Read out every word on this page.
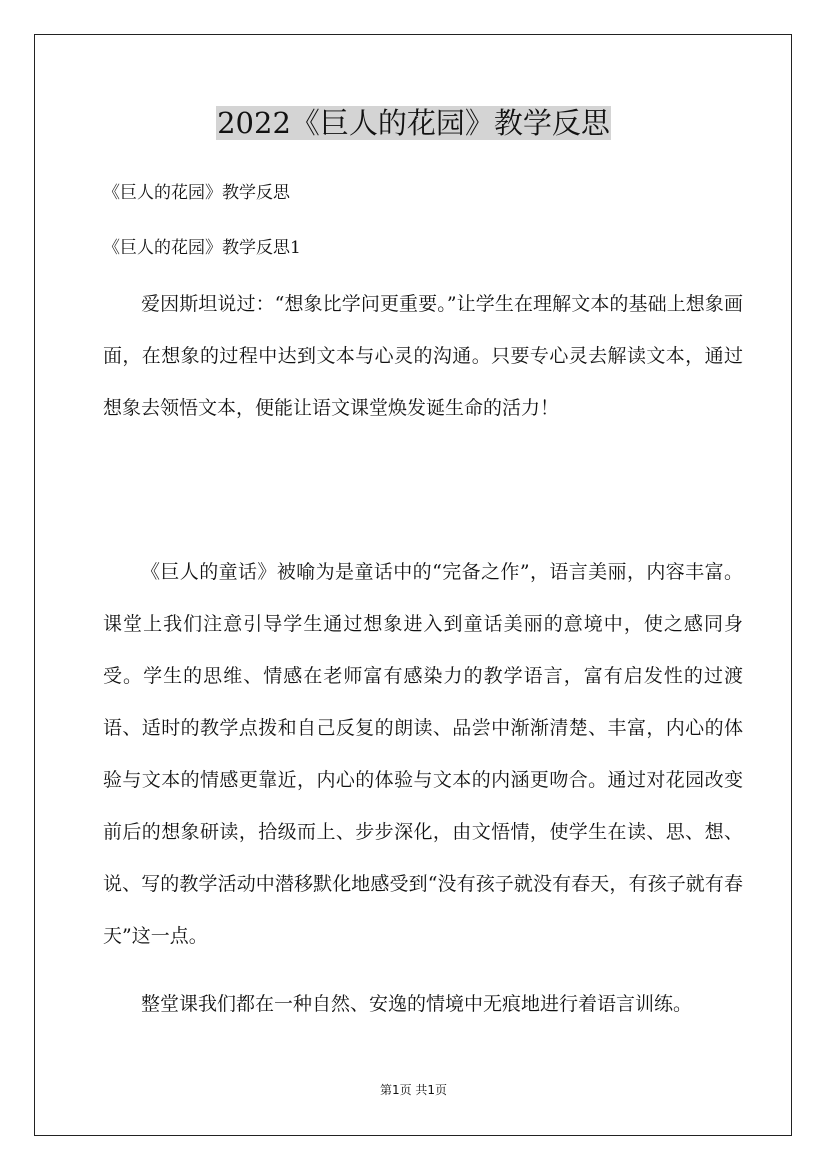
2022《巨人的花园》教学反思
《巨人的花园》教学反思
《巨人的花园》教学反思1

爱因斯坦说过：“想象比学问更重要。”让学生在理解文本的基础上想象画面，在想象的过程中达到文本与心灵的沟通。只要专心灵去解读文本，通过想象去领悟文本，便能让语文课堂焕发诞生命的活力！

《巨人的童话》被喻为是童话中的“完备之作”，语言美丽，内容丰富。课堂上我们注意引导学生通过想象进入到童话美丽的意境中，使之感同身受。学生的思维、情感在老师富有感染力的教学语言，富有启发性的过渡语、适时的教学点拨和自己反复的朗读、品尝中渐渐清楚、丰富，内心的体验与文本的情感更靠近，内心的体验与文本的内涵更吻合。通过对花园改变前后的想象研读，拾级而上、步步深化，由文悟情，使学生在读、思、想、说、写的教学活动中潜移默化地感受到“没有孩子就没有春天，有孩子就有春天”这一点。

整堂课我们都在一种自然、安逸的情境中无痕地进行着语言训练。

第1页 共1页
